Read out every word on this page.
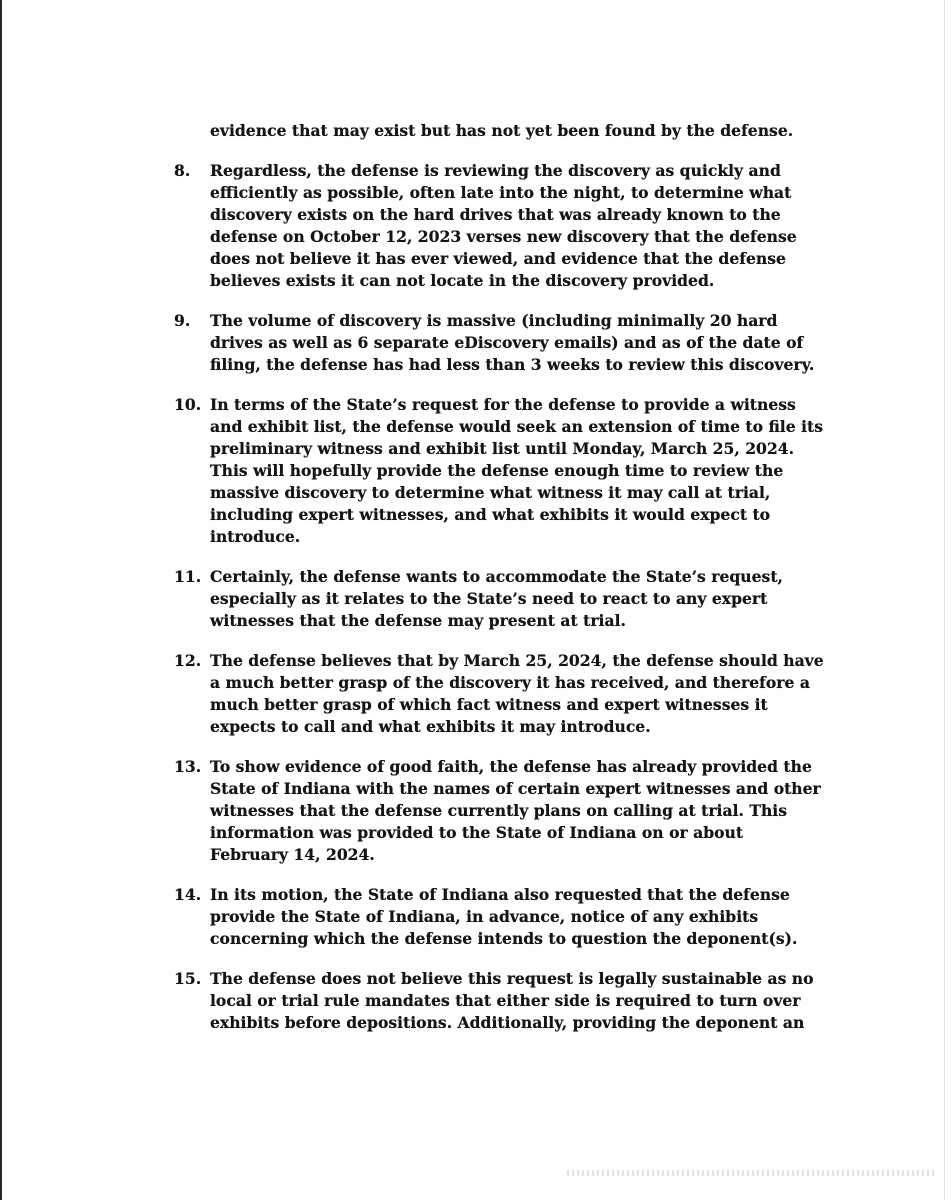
evidence that may exist but has not yet been found by the defense.
8.	Regardless, the defense is reviewing the discovery as quickly and efficiently as possible, often late into the night, to determine what discovery exists on the hard drives that was already known to the defense on October 12, 2023 verses new discovery that the defense does not believe it has ever viewed, and evidence that the defense believes exists it can not locate in the discovery provided.
9.	The volume of discovery is massive (including minimally 20 hard drives as well as 6 separate eDiscovery emails) and as of the date of filing, the defense has had less than 3 weeks to review this discovery.
10. In terms of the State’s request for the defense to provide a witness and exhibit list, the defense would seek an extension of time to file its preliminary witness and exhibit list until Monday, March 25, 2024. This will hopefully provide the defense enough time to review the massive discovery to determine what witness it may call at trial, including expert witnesses, and what exhibits it would expect to introduce.
11. Certainly, the defense wants to accommodate the State’s request, especially as it relates to the State’s need to react to any expert witnesses that the defense may present at trial.
12. The defense believes that by March 25, 2024, the defense should have a much better grasp of the discovery it has received, and therefore a much better grasp of which fact witness and expert witnesses it expects to call and what exhibits it may introduce.
13. To show evidence of good faith, the defense has already provided the State of Indiana with the names of certain expert witnesses and other witnesses that the defense currently plans on calling at trial. This information was provided to the State of Indiana on or about February 14, 2024.
14. In its motion, the State of Indiana also requested that the defense provide the State of Indiana, in advance, notice of any exhibits concerning which the defense intends to question the deponent(s).
15. The defense does not believe this request is legally sustainable as no local or trial rule mandates that either side is required to turn over exhibits before depositions. Additionally, providing the deponent an
